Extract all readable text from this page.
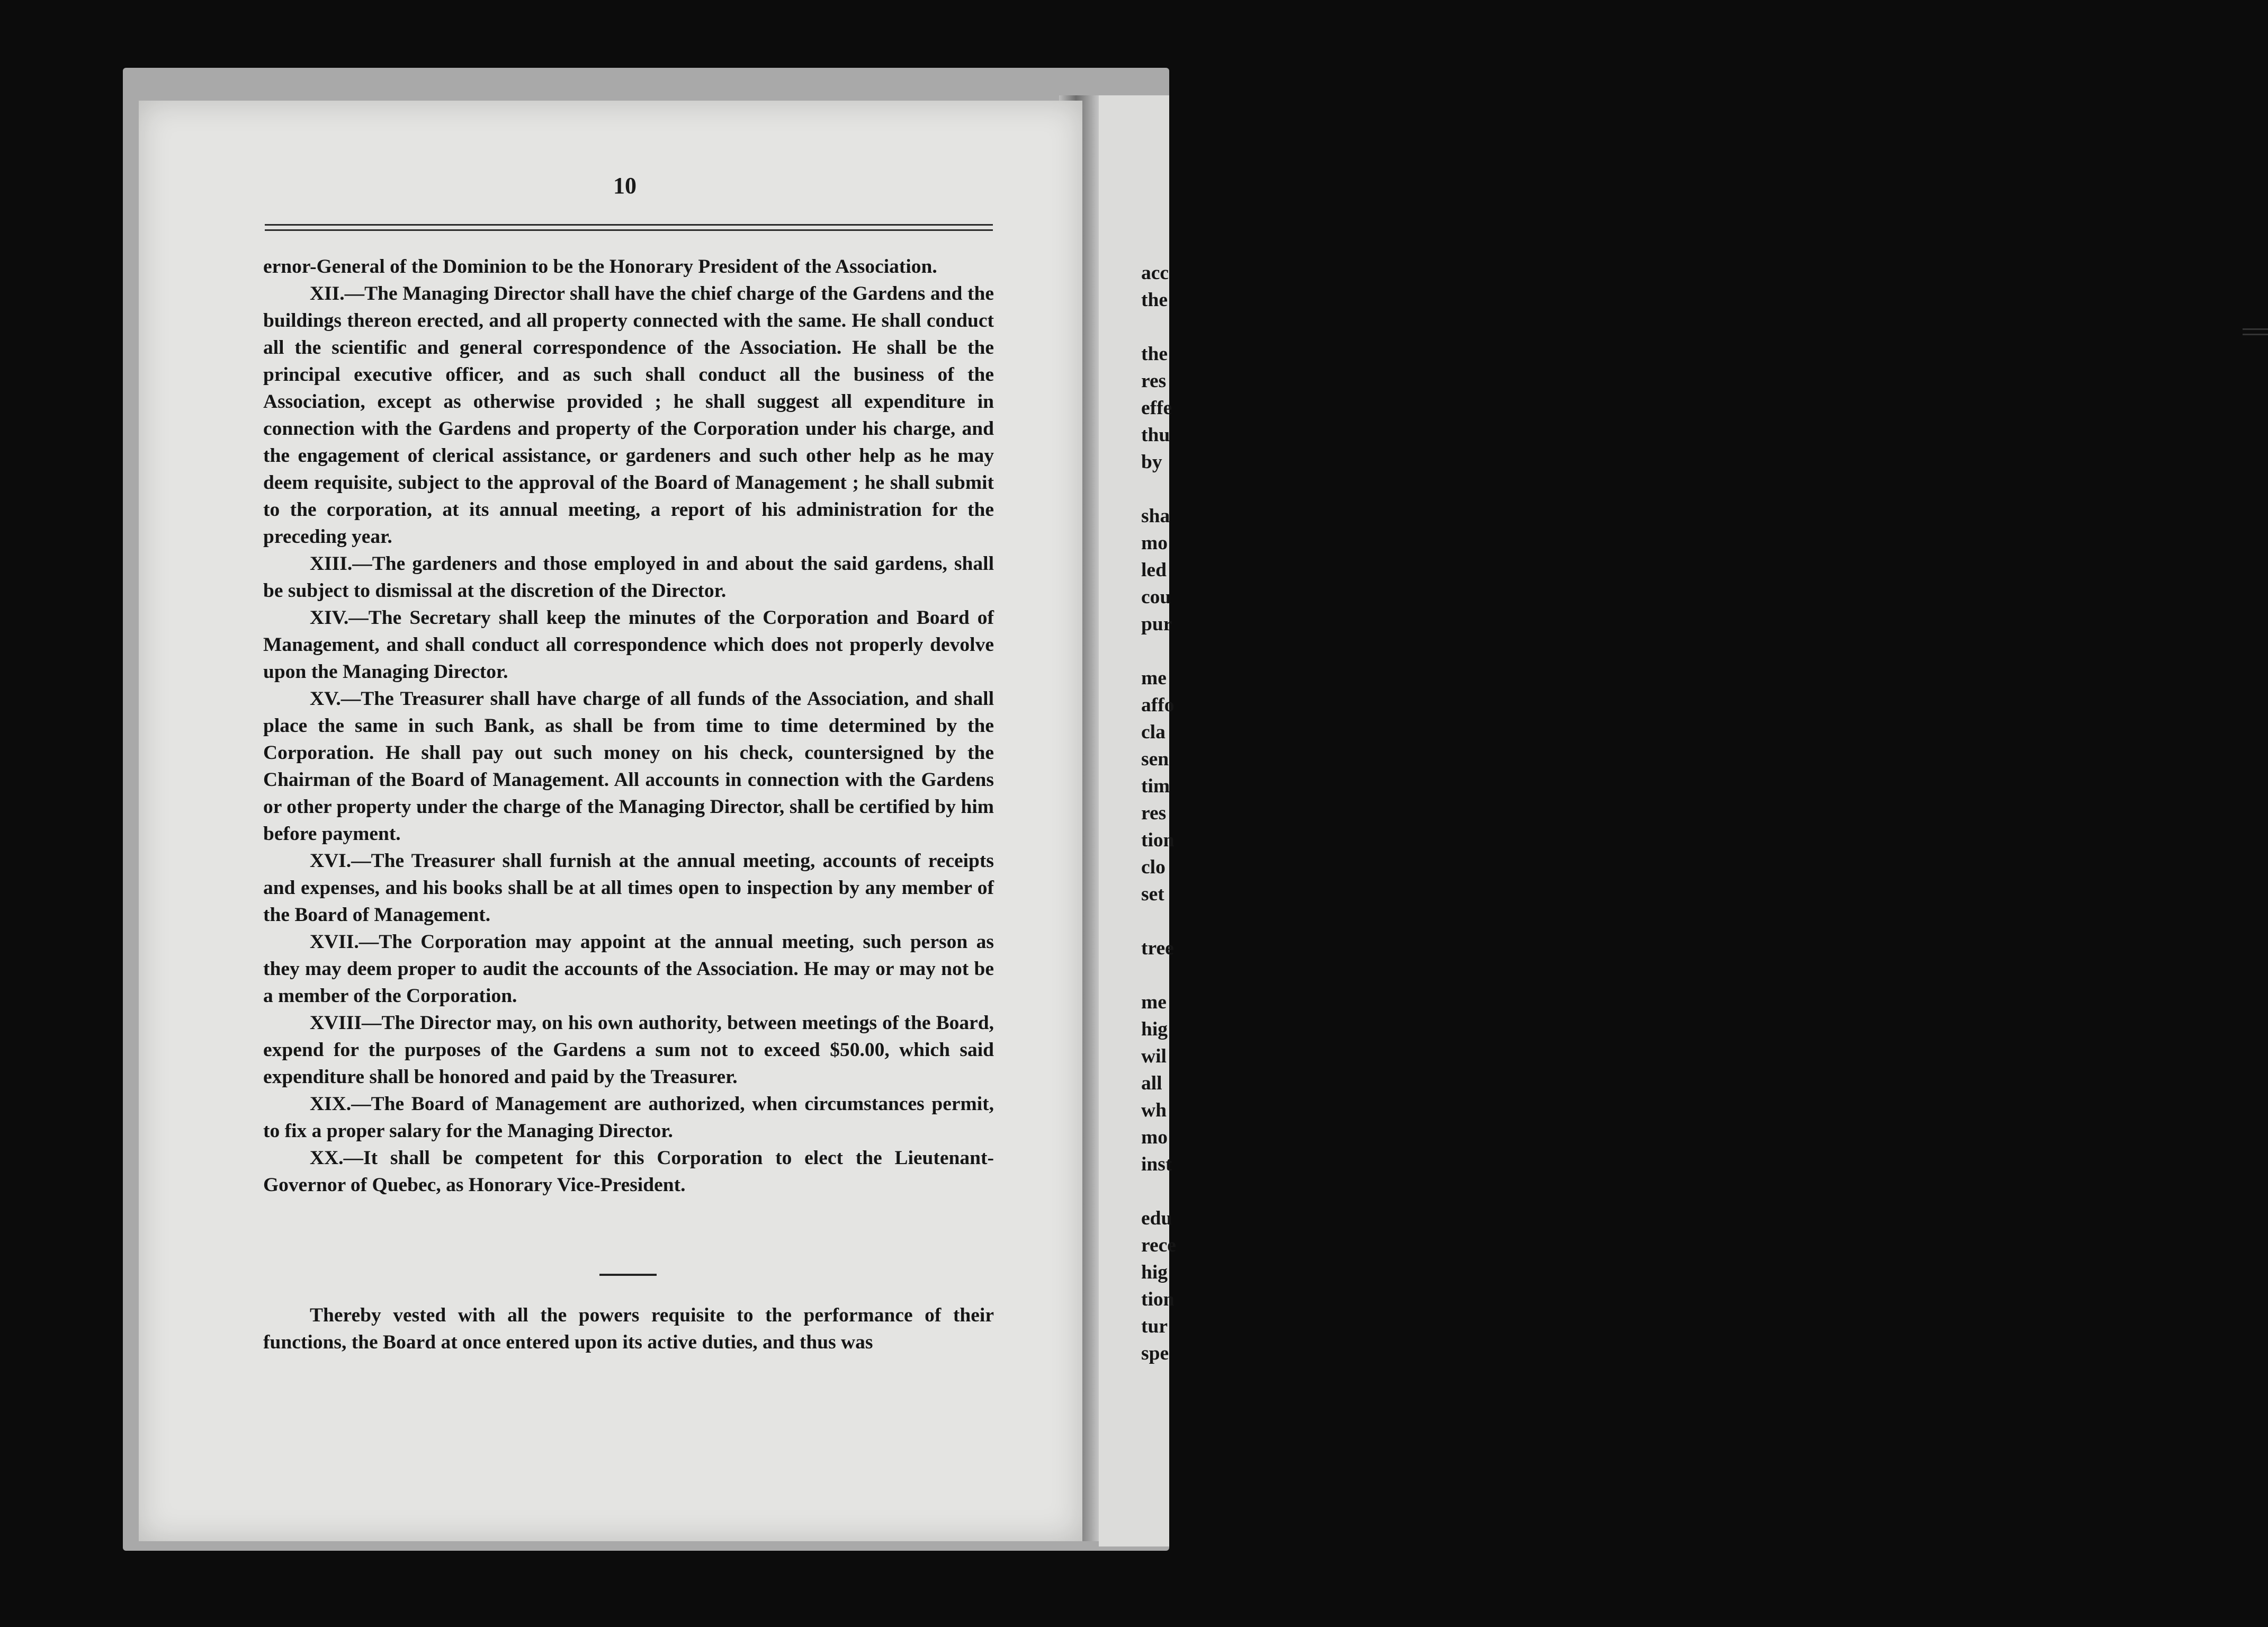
acc
the

the
res
effe
thu
by

sha
mo
led
cou
pur

me
affo
cla
sen
tim
res
tion
clo
set

tree

me
hig
wil
all
wh
mo
inst

edu
rece
hig
tion
tur
spe
10

ernor-General of the Dominion to be the Honorary President of the Association.

XII.—The Managing Director shall have the chief charge of the Gardens and the buildings thereon erected, and all property connected with the same. He shall conduct all the scientific and general correspondence of the Association. He shall be the principal executive officer, and as such shall conduct all the business of the Association, except as otherwise provided ; he shall suggest all expenditure in connection with the Gardens and property of the Corporation under his charge, and the engagement of clerical assistance, or gardeners and such other help as he may deem requisite, subject to the approval of the Board of Management ; he shall submit to the corporation, at its annual meeting, a report of his administration for the preceding year.

XIII.—The gardeners and those employed in and about the said gardens, shall be subject to dismissal at the discretion of the Director.

XIV.—The Secretary shall keep the minutes of the Corporation and Board of Management, and shall conduct all correspondence which does not properly devolve upon the Managing Director.

XV.—The Treasurer shall have charge of all funds of the Association, and shall place the same in such Bank, as shall be from time to time determined by the Corporation. He shall pay out such money on his check, countersigned by the Chairman of the Board of Management. All accounts in connection with the Gardens or other property under the charge of the Managing Director, shall be certified by him before payment.

XVI.—The Treasurer shall furnish at the annual meeting, accounts of receipts and expenses, and his books shall be at all times open to inspection by any member of the Board of Management.

XVII.—The Corporation may appoint at the annual meeting, such person as they may deem proper to audit the accounts of the Association. He may or may not be a member of the Corporation.

XVIII—The Director may, on his own authority, between meetings of the Board, expend for the purposes of the Gardens a sum not to exceed $50.00, which said expenditure shall be honored and paid by the Treasurer.

XIX.—The Board of Management are authorized, when circumstances permit, to fix a proper salary for the Managing Director.

XX.—It shall be competent for this Corporation to elect the Lieutenant-Governor of Quebec, as Honorary Vice-President.

Thereby vested with all the powers requisite to the performance of their functions, the Board at once entered upon its active duties, and thus was
